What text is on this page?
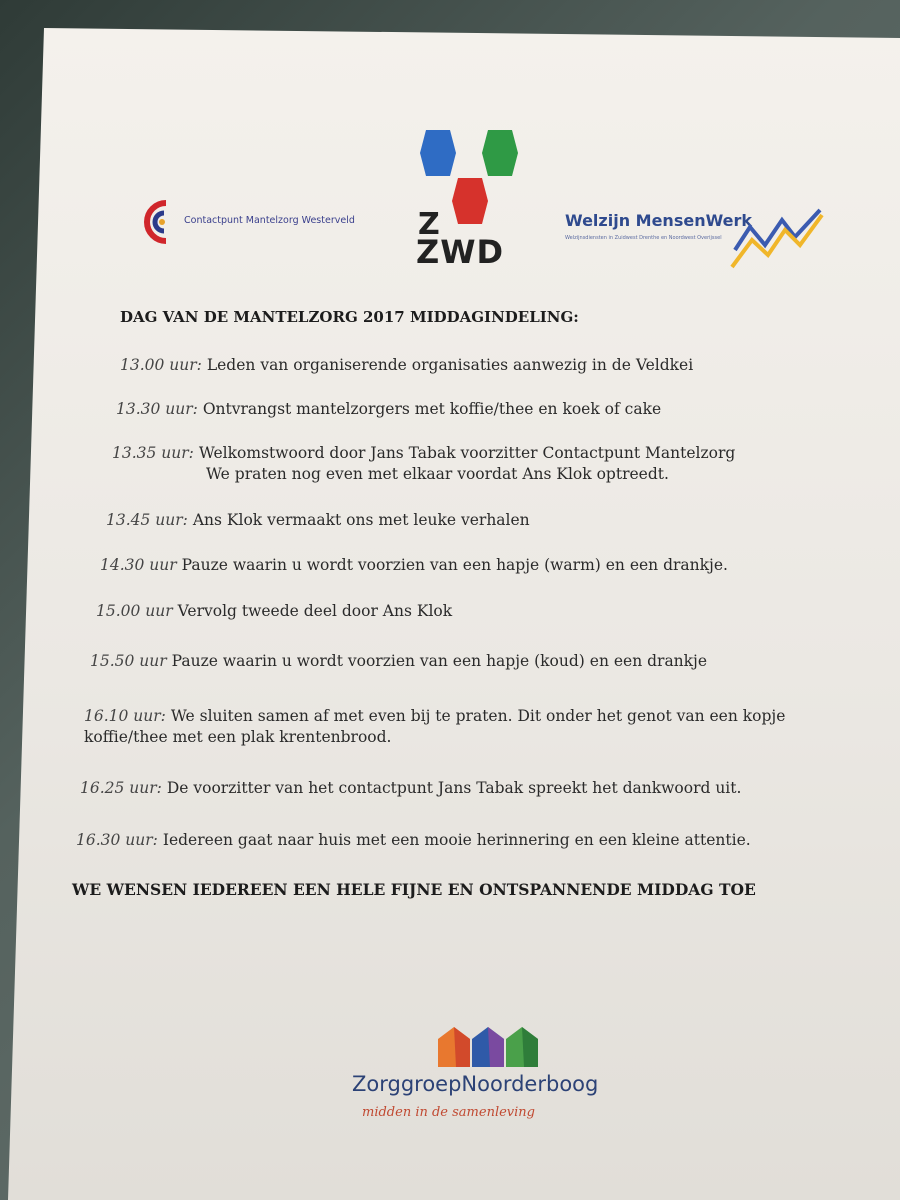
Contactpunt Mantelzorg Westerveld Z
ZWD
Welzijn MensenWerk
Welzijnsdiensten in Zuidwest Drenthe en Noordwest Overijssel
DAG VAN DE MANTELZORG 2017 MIDDAGINDELING:
13.00 uur: Leden van organiserende organisaties aanwezig in de Veldkei
13.30 uur: Ontvrangst mantelzorgers met koffie/thee en koek of cake
13.35 uur: Welkomstwoord door Jans Tabak voorzitter Contactpunt Mantelzorg
We praten nog even met elkaar voordat Ans Klok optreedt.
13.45 uur: Ans Klok vermaakt ons met leuke verhalen
14.30 uur Pauze waarin u wordt voorzien van een hapje (warm) en een drankje.
15.00 uur Vervolg tweede deel door Ans Klok
15.50 uur Pauze waarin u wordt voorzien van een hapje (koud) en een drankje
16.10 uur: We sluiten samen af met even bij te praten. Dit onder het genot van een kopje
koffie/thee met een plak krentenbrood.
16.25 uur: De voorzitter van het contactpunt Jans Tabak spreekt het dankwoord uit.
16.30 uur: Iedereen gaat naar huis met een mooie herinnering en een kleine attentie.
WE WENSEN IEDEREEN EEN HELE FIJNE EN ONTSPANNENDE MIDDAG TOE
ZorggroepNoorderboog
midden in de samenleving
